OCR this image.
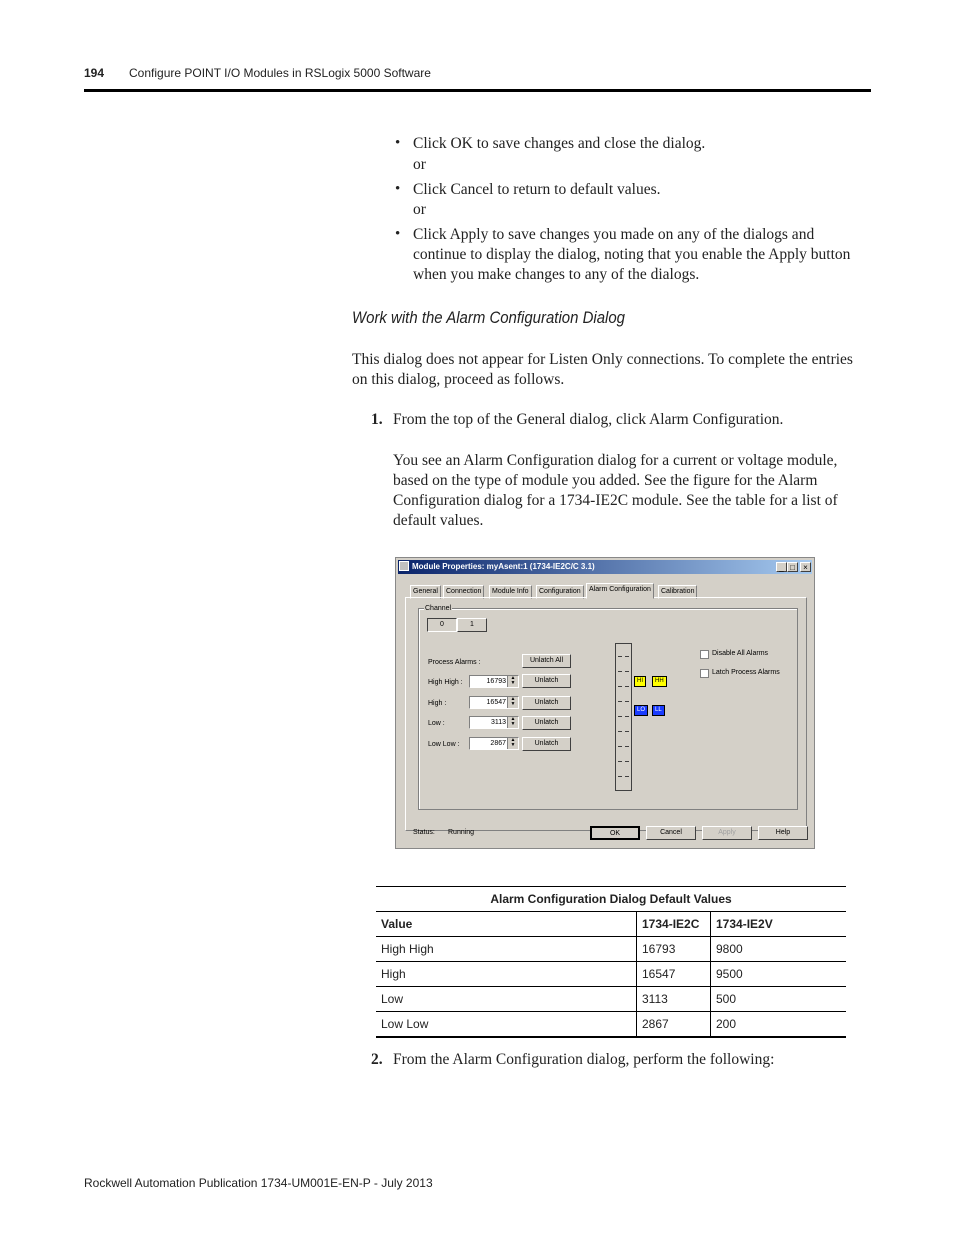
194 Configure POINT I/O Modules in RSLogix 5000 Software
• Click OK to save changes and close the dialog.
or
• Click Cancel to return to default values.
or
• Click Apply to save changes you made on any of the dialogs and continue to display the dialog, noting that you enable the Apply button when you make changes to any of the dialogs.
Work with the Alarm Configuration Dialog
This dialog does not appear for Listen Only connections. To complete the entries on this dialog, proceed as follows.
1. From the top of the General dialog, click Alarm Configuration.
You see an Alarm Configuration dialog for a current or voltage module, based on the type of module you added. See the figure for the Alarm Configuration dialog for a 1734-IE2C module. See the table for a list of default values.
Module Properties: myAsent:1 (1734-IE2C/C 3.1)	_ □	×
General	Connection	Module Info	Configuration	Alarm Configuration	Calibration
Channel
0	1
Process Alarms :	Unlatch All
High High :	16793 ▲
▼	Unlatch
High :	16547 ▲
▼	Unlatch
Low :	3113 ▲
▼	Unlatch
Low Low :	2867 ▲
▼	Unlatch
HI	HH
LO	LL
Disable All Alarms
Latch Process Alarms
Status: Running	OK	Cancel	Apply	Help
Alarm Configuration Dialog Default Values		
Value	1734-IE2C	1734-IE2V
High High	16793	9800
High	16547	9500
Low	3113	500
Low Low	2867	200
2. From the Alarm Configuration dialog, perform the following:
Rockwell Automation Publication 1734-UM001E-EN-P - July 2013
